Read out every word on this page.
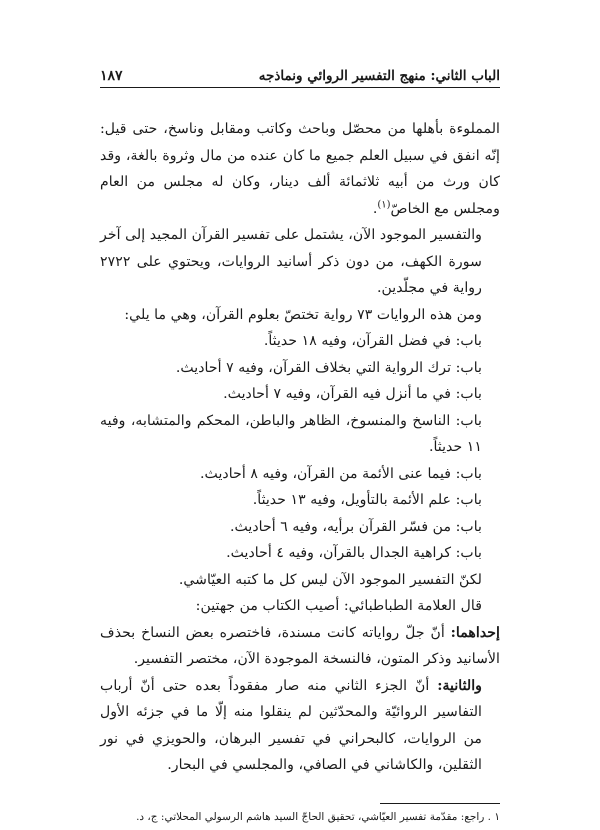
الباب الثاني: منهج التفسير الروائي ونماذجه
١٨٧

المملوءة بأهلها من محصّل وباحث وكاتب ومقابل وناسخ، حتى قيل: إنّه انفق في سبيل العلم جميع ما كان عنده من مال وثروة بالغة، وقد كان ورث من أبيه ثلاثمائة ألف دينار، وكان له مجلس من العام ومجلس مع الخاصّ$^{(١)}$.

والتفسير الموجود الآن، يشتمل على تفسير القرآن المجيد إلى آخر سورة الكهف، من دون ذكر أسانيد الروايات، ويحتوي على ٢٧٢٢ رواية في مجلّدين.

ومن هذه الروايات ٧٣ رواية تختصّ بعلوم القرآن، وهي ما يلي:

باب: في فضل القرآن، وفيه ١٨ حديثاً.

باب: ترك الرواية التي بخلاف القرآن، وفيه ٧ أحاديث.

باب: في ما أنزل فيه القرآن، وفيه ٧ أحاديث.

باب: الناسخ والمنسوخ، الظاهر والباطن، المحكم والمتشابه، وفيه ١١ حديثاً.

باب: فيما عنى الأئمة من القرآن، وفيه ٨ أحاديث.

باب: علم الأئمة بالتأويل، وفيه ١٣ حديثاً.

باب: من فسّر القرآن برأيه، وفيه ٦ أحاديث.

باب: كراهية الجدال بالقرآن، وفيه ٤ أحاديث.

لكنّ التفسير الموجود الآن ليس كل ما كتبه العيّاشي.

قال العلامة الطباطبائي: أصيب الكتاب من جهتين:

إحداهما: أنّ جلّ رواياته كانت مسندة، فاختصره بعض النساخ بحذف الأسانيد وذكر المتون، فالنسخة الموجودة الآن، مختصر التفسير.

والثانية: أنّ الجزء الثاني منه صار مفقوداً بعده حتى أنّ أرباب التفاسير الروائيّة والمحدّثين لم ينقلوا منه إلّا ما في جزئه الأول من الروايات، كالبحراني في تفسير البرهان، والحويزي في نور الثقلين، والكاشاني في الصافي، والمجلسي في البحار.

١ . راجع: مقدّمة تفسير العيّاشي، تحقيق الحاجّ السيد هاشم الرسولي المحلاتي: ج، د.
